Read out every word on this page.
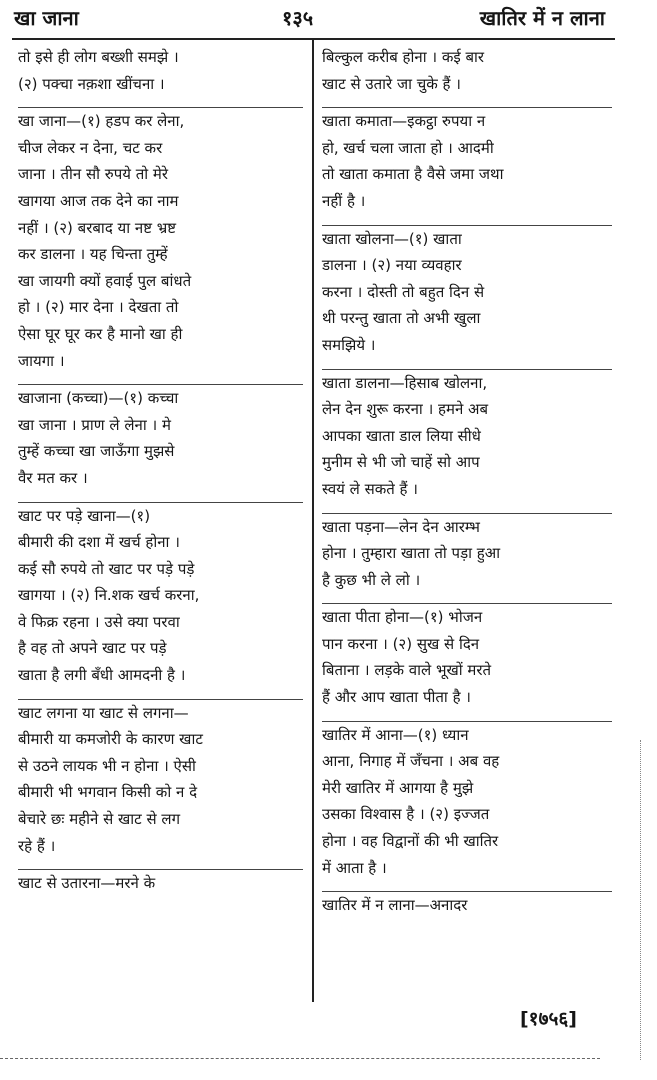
खा जाना	१३५	खातिर में न लाना
तो इसे ही लोग बख्शी समझे ।
(२) पक्चा नक़शा खींचना ।
खा जाना—(१) हडप कर लेना,
चीज लेकर न देना, चट कर
जाना । तीन सौ रुपये तो मेरे
खागया आज तक देने का नाम
नहीं । (२) बरबाद या नष्ट भ्रष्ट
कर डालना । यह चिन्ता तुम्हें
खा जायगी क्यों हवाई पुल बांधते
हो । (२) मार देना । देखता तो
ऐसा घूर घूर कर है मानो खा ही
जायगा ।
खाजाना (कच्चा)—(१) कच्चा
खा जाना । प्राण ले लेना । मे
तुम्हें कच्चा खा जाऊँगा मुझसे
वैर मत कर ।
खाट पर पड़े खाना—(१)
बीमारी की दशा में खर्च होना ।
कई सौ रुपये तो खाट पर पड़े पड़े
खागया । (२) नि.शक खर्च करना,
वे फिक्र रहना । उसे क्या परवा
है वह तो अपने खाट पर पड़े
खाता है लगी बँधी आमदनी है ।
खाट लगना या खाट से लगना—
बीमारी या कमजोरी के कारण खाट
से उठने लायक भी न होना । ऐसी
बीमारी भी भगवान किसी को न दे
बेचारे छः महीने से खाट से लग
रहे हैं ।
खाट से उतारना—मरने के
बिल्कुल करीब होना । कई बार
खाट से उतारे जा चुके हैं ।
खाता कमाता—इकट्ठा रुपया न
हो, खर्च चला जाता हो । आदमी
तो खाता कमाता है वैसे जमा जथा
नहीं है ।
खाता खोलना—(१) खाता
डालना । (२) नया व्यवहार
करना । दोस्ती तो बहुत दिन से
थी परन्तु खाता तो अभी खुला
समझिये ।
खाता डालना—हिसाब खोलना,
लेन देन शुरू करना । हमने अब
आपका खाता डाल लिया सीधे
मुनीम से भी जो चाहें सो आप
स्वयं ले सकते हैं ।
खाता पड़ना—लेन देन आरम्भ
होना । तुम्हारा खाता तो पड़ा हुआ
है कुछ भी ले लो ।
खाता पीता होना—(१) भोजन
पान करना । (२) सुख से दिन
बिताना । लड़के वाले भूखों मरते
हैं और आप खाता पीता है ।
खातिर में आना—(१) ध्यान
आना, निगाह में जँचना । अब वह
मेरी खातिर में आगया है मुझे
उसका विश्वास है । (२) इज्जत
होना । वह विद्वानों की भी खातिर
में आता है ।
खातिर में न लाना—अनादर
[१७५६]
